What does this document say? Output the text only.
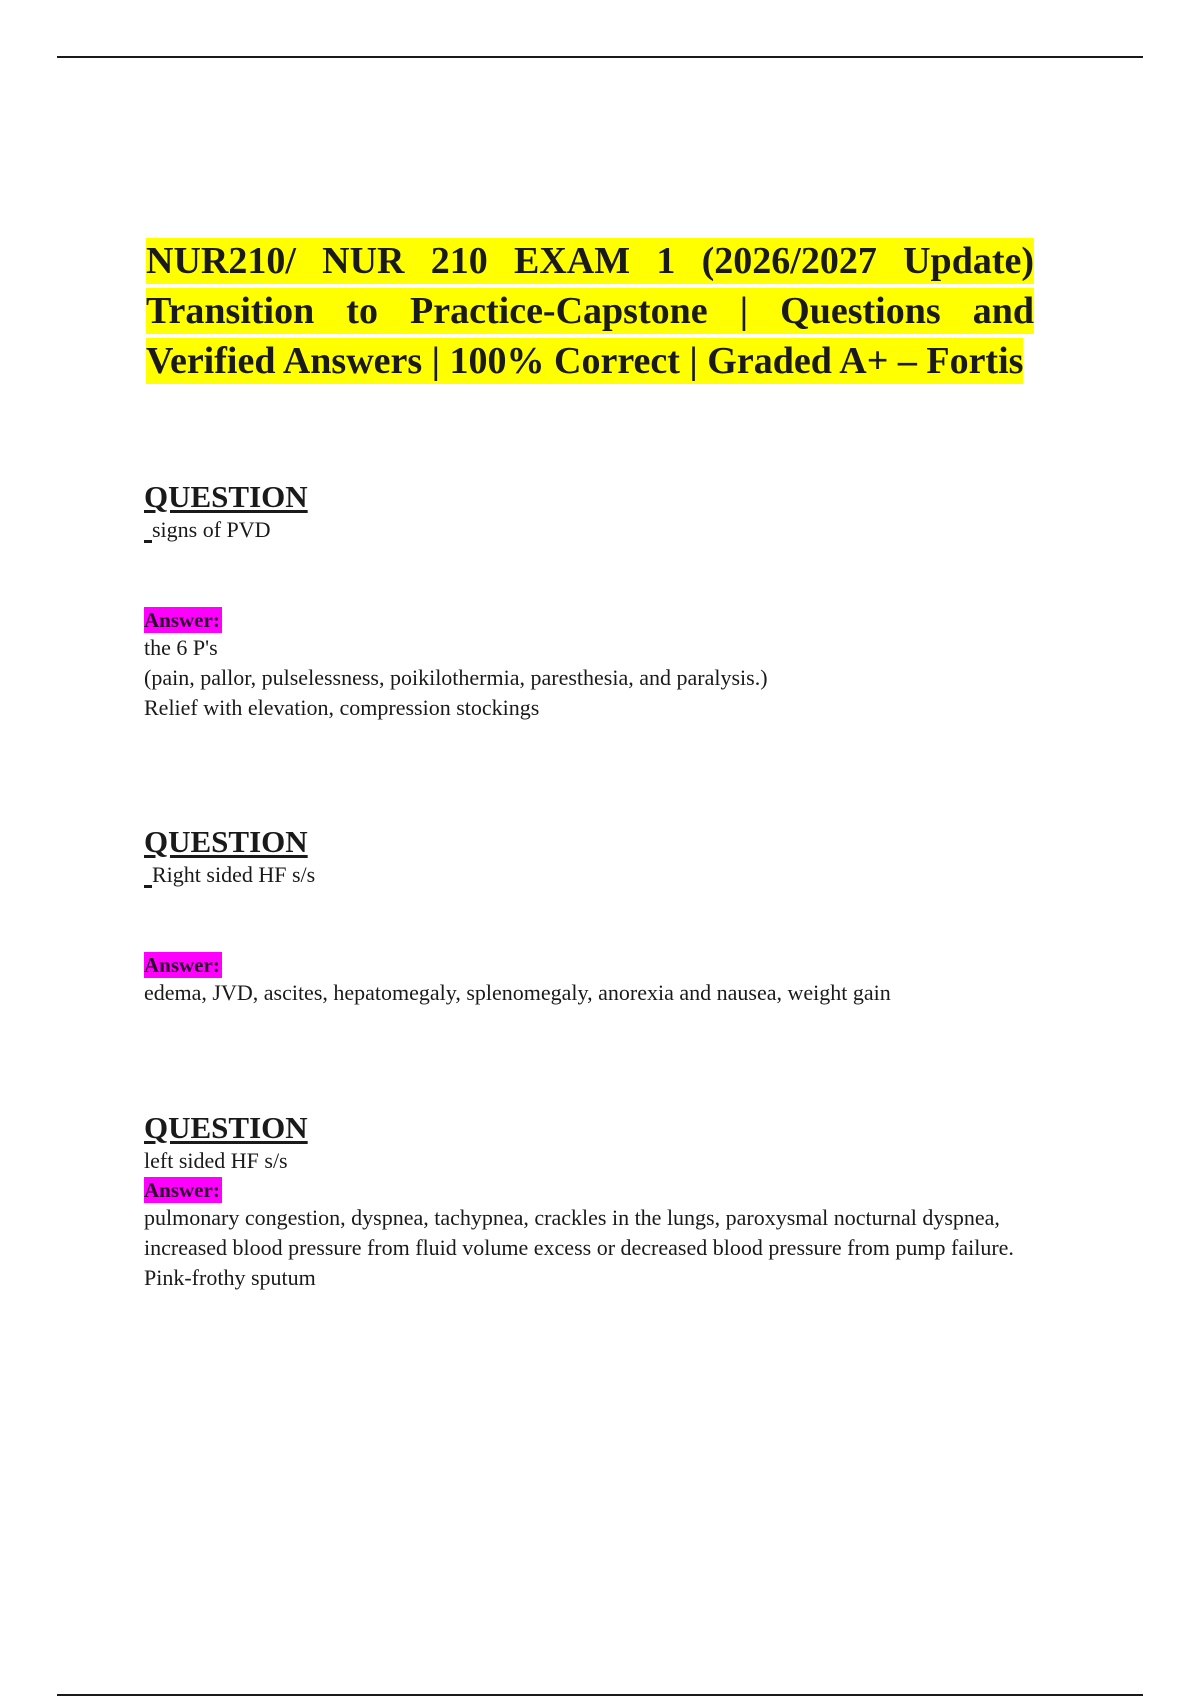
NUR210/ NUR 210 EXAM 1 (2026/2027 Update) Transition to Practice-Capstone | Questions and Verified Answers | 100% Correct | Graded A+ – Fortis
QUESTION
signs of PVD
Answer:
the 6 P's
(pain, pallor, pulselessness, poikilothermia, paresthesia, and paralysis.)
Relief with elevation, compression stockings
QUESTION
Right sided HF s/s
Answer:
edema, JVD, ascites, hepatomegaly, splenomegaly, anorexia and nausea, weight gain
QUESTION
left sided HF s/s
Answer:
pulmonary congestion, dyspnea, tachypnea, crackles in the lungs, paroxysmal nocturnal dyspnea,
increased blood pressure from fluid volume excess or decreased blood pressure from pump failure.
Pink-frothy sputum
